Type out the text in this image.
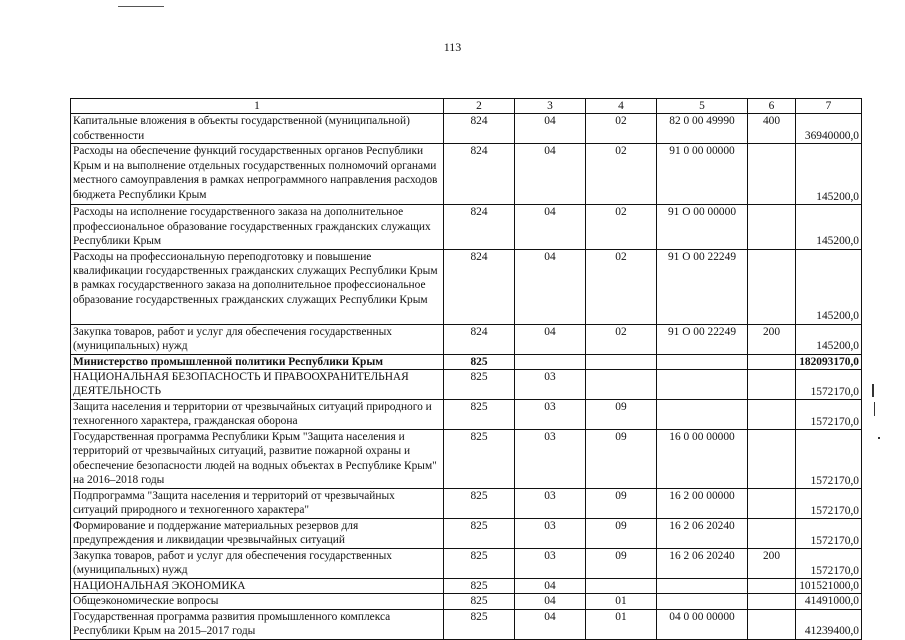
113
1	2	3	4	5	6	7
Капитальные вложения в объекты государственной (муниципальной) собственности	824	04	02	82 0 00 49990	400	36940000,0
Расходы на обеспечение функций государственных органов Республики Крым и на выполнение отдельных государственных полномочий органами местного самоуправления в рамках непрограммного направления расходов бюджета Республики Крым	824	04	02	91 0 00 00000		145200,0
Расходы на исполнение государственного заказа на дополнительное профессиональное образование государственных гражданских служащих Республики Крым	824	04	02	91 О 00 00000		145200,0
Расходы на профессиональную переподготовку и повышение квалификации государственных гражданских служащих Республики Крым в рамках государственного заказа на дополнительное профессиональное образование государственных гражданских служащих Республики Крым	824	04	02	91 О 00 22249		145200,0
Закупка товаров, работ и услуг для обеспечения государственных (муниципальных) нужд	824	04	02	91 О 00 22249	200	145200,0
Министерство промышленной политики Республики Крым	825					182093170,0
НАЦИОНАЛЬНАЯ БЕЗОПАСНОСТЬ И ПРАВООХРАНИТЕЛЬНАЯ ДЕЯТЕЛЬНОСТЬ	825	03				1572170,0
Защита населения и территории от чрезвычайных ситуаций природного и техногенного характера, гражданская оборона	825	03	09			1572170,0
Государственная программа Республики Крым "Защита населения и территорий от чрезвычайных ситуаций, развитие пожарной охраны и обеспечение безопасности людей на водных объектах в Республике Крым" на 2016–2018 годы	825	03	09	16 0 00 00000		1572170,0
Подпрограмма "Защита населения и территорий от чрезвычайных ситуаций природного и техногенного характера"	825	03	09	16 2 00 00000		1572170,0
Формирование и поддержание материальных резервов для предупреждения и ликвидации чрезвычайных ситуаций	825	03	09	16 2 06 20240		1572170,0
Закупка товаров, работ и услуг для обеспечения государственных (муниципальных) нужд	825	03	09	16 2 06 20240	200	1572170,0
НАЦИОНАЛЬНАЯ ЭКОНОМИКА	825	04				101521000,0
Общеэкономические вопросы	825	04	01			41491000,0
Государственная программа развития промышленного комплекса Республики Крым на 2015–2017 годы	825	04	01	04 0 00 00000		41239400,0
